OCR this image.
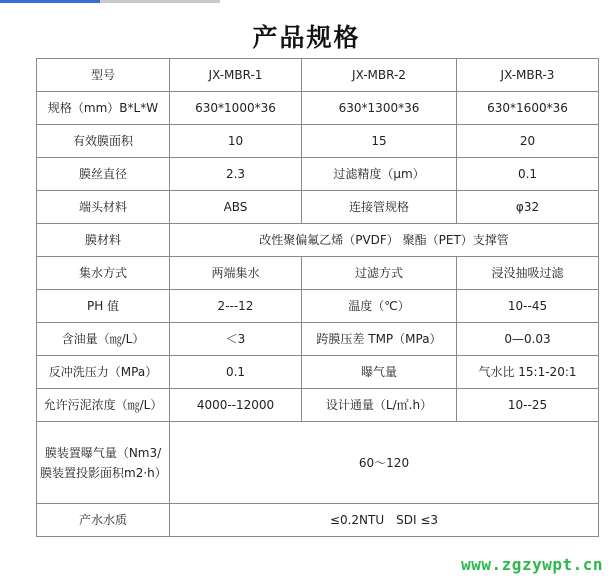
产品规格
型号	JX-MBR-1	JX-MBR-2	JX-MBR-3
规格（mm）B*L*W	630*1000*36	630*1300*36	630*1600*36
有效膜面积	10	15	20
膜丝直径	2.3	过滤精度（μm）	0.1
端头材料	ABS	连接管规格	φ32
膜材料	改性聚偏氟乙烯（PVDF） 聚酯（PET）支撑管		
集水方式	两端集水	过滤方式	浸没抽吸过滤
PH 值	2---12	温度（℃）	10--45
含油量（㎎/L）	＜3	跨膜压差 TMP（MPa）	0—0.03
反冲洗压力（MPa）	0.1	曝气量	气水比 15:1-20:1
允许污泥浓度（㎎/L）	4000--12000	设计通量（L/㎡.h）	10--25
膜装置曝气量（Nm3/膜装置投影面积m2·h）	60～120		
产水水质	≤0.2NTU　SDI ≤3		
www.zgzywpt.cn
